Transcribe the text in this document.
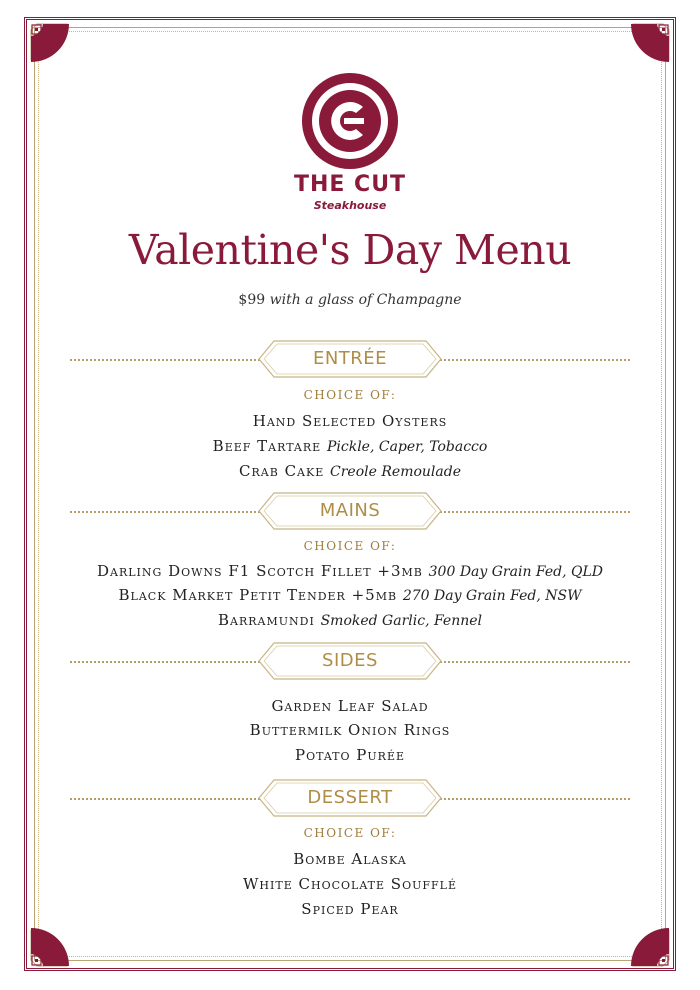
THE CUT
Steakhouse
Valentine's Day Menu
$99 with a glass of Champagne
ENTRÉE
CHOICE OF:
Hand Selected Oysters
Beef Tartare Pickle, Caper, Tobacco
Crab Cake Creole Remoulade
MAINS
CHOICE OF:
Darling Downs F1 Scotch Fillet +3mb 300 Day Grain Fed, QLD
Black Market Petit Tender +5mb 270 Day Grain Fed, NSW
Barramundi Smoked Garlic, Fennel
SIDES
Garden Leaf Salad
Buttermilk Onion Rings
Potato Purée
DESSERT
CHOICE OF:
Bombe Alaska
White Chocolate Soufflé
Spiced Pear
